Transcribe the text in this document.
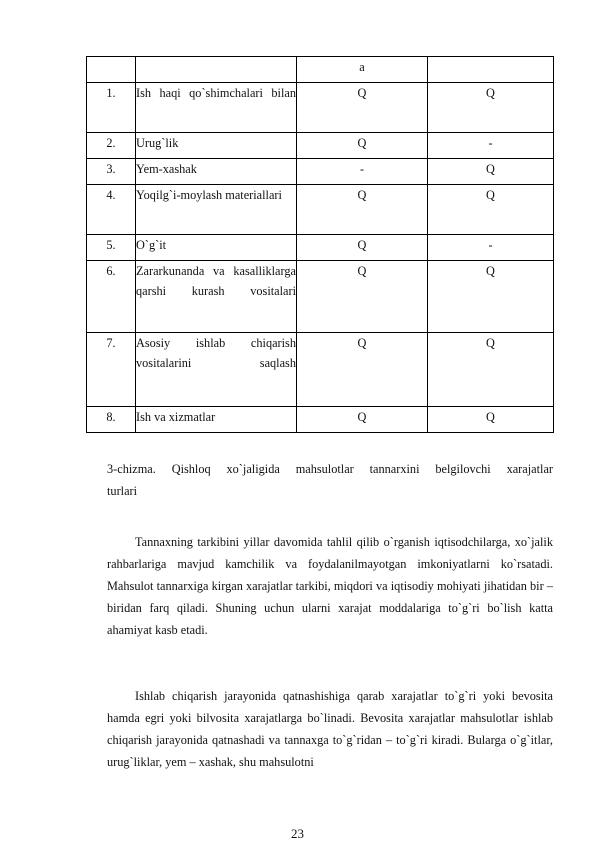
		a	
1.	Ish haqi qo`shimchalari bilan	Q	Q
2.	Urug`lik	Q	-
3.	Yem-xashak	-	Q
4.	Yoqilg`i-moylash materiallari	Q	Q
5.	O`g`it	Q	-
6.	Zararkunanda va kasalliklarga qarshi kurash vositalari	Q	Q
7.	Asosiy ishlab chiqarish vositalarini saqlash	Q	Q
8.	Ish va xizmatlar	Q	Q
3-chizma. Qishloq xo`jaligida mahsulotlar tannarxini belgilovchi xarajatlar
turlari
Tannaxning tarkibini yillar davomida tahlil qilib o`rganish iqtisodchilarga, xo`jalik rahbarlariga mavjud kamchilik va foydalanilmayotgan imkoniyatlarni ko`rsatadi. Mahsulot tannarxiga kirgan xarajatlar tarkibi, miqdori va iqtisodiy mohiyati jihatidan bir – biridan farq qiladi. Shuning uchun ularni xarajat moddalariga to`g`ri bo`lish katta ahamiyat kasb etadi.
Ishlab chiqarish jarayonida qatnashishiga qarab xarajatlar to`g`ri yoki bevosita hamda egri yoki bilvosita xarajatlarga bo`linadi. Bevosita xarajatlar mahsulotlar ishlab chiqarish jarayonida qatnashadi va tannaxga to`g`ridan – to`g`ri kiradi. Bularga o`g`itlar, urug`liklar, yem – xashak, shu mahsulotni
23
